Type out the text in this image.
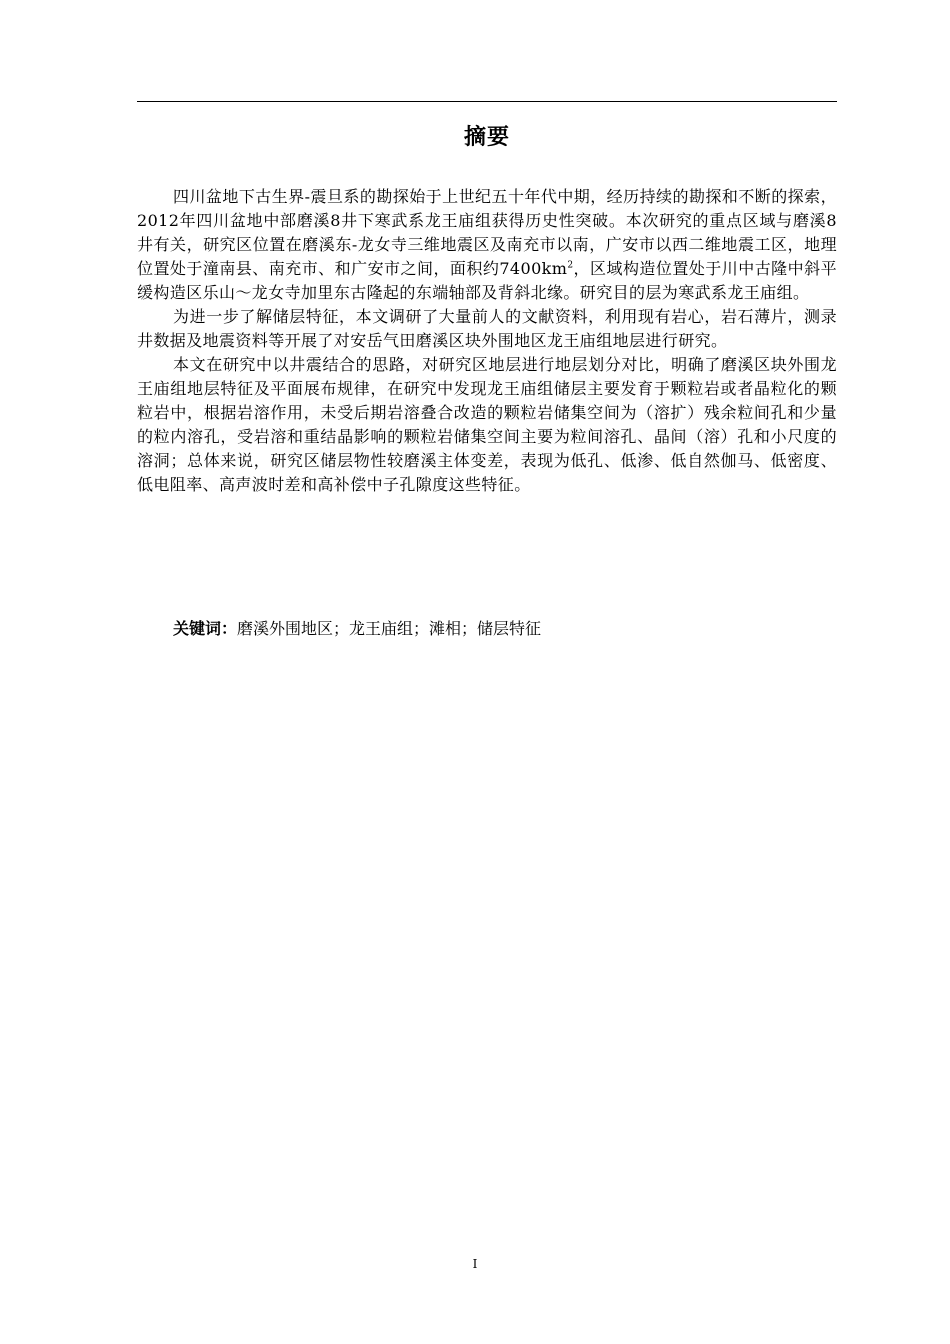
摘要

四川盆地下古生界-震旦系的勘探始于上世纪五十年代中期，经历持续的勘探和不断的探索，2012年四川盆地中部磨溪8井下寒武系龙王庙组获得历史性突破。本次研究的重点区域与磨溪8井有关，研究区位置在磨溪东-龙女寺三维地震区及南充市以南，广安市以西二维地震工区，地理位置处于潼南县、南充市、和广安市之间，面积约$7400km^2$，区域构造位置处于川中古隆中斜平缓构造区乐山～龙女寺加里东古隆起的东端轴部及背斜北缘。研究目的层为寒武系龙王庙组。

为进一步了解储层特征，本文调研了大量前人的文献资料，利用现有岩心，岩石薄片，测录井数据及地震资料等开展了对安岳气田磨溪区块外围地区龙王庙组地层进行研究。

本文在研究中以井震结合的思路，对研究区地层进行地层划分对比，明确了磨溪区块外围龙王庙组地层特征及平面展布规律，在研究中发现龙王庙组储层主要发育于颗粒岩或者晶粒化的颗粒岩中，根据岩溶作用，未受后期岩溶叠合改造的颗粒岩储集空间为（溶扩）残余粒间孔和少量的粒内溶孔，受岩溶和重结晶影响的颗粒岩储集空间主要为粒间溶孔、晶间（溶）孔和小尺度的溶洞；总体来说，研究区储层物性较磨溪主体变差，表现为低孔、低渗、低自然伽马、低密度、低电阻率、高声波时差和高补偿中子孔隙度这些特征。

关键词：磨溪外围地区；龙王庙组；滩相；储层特征
I
